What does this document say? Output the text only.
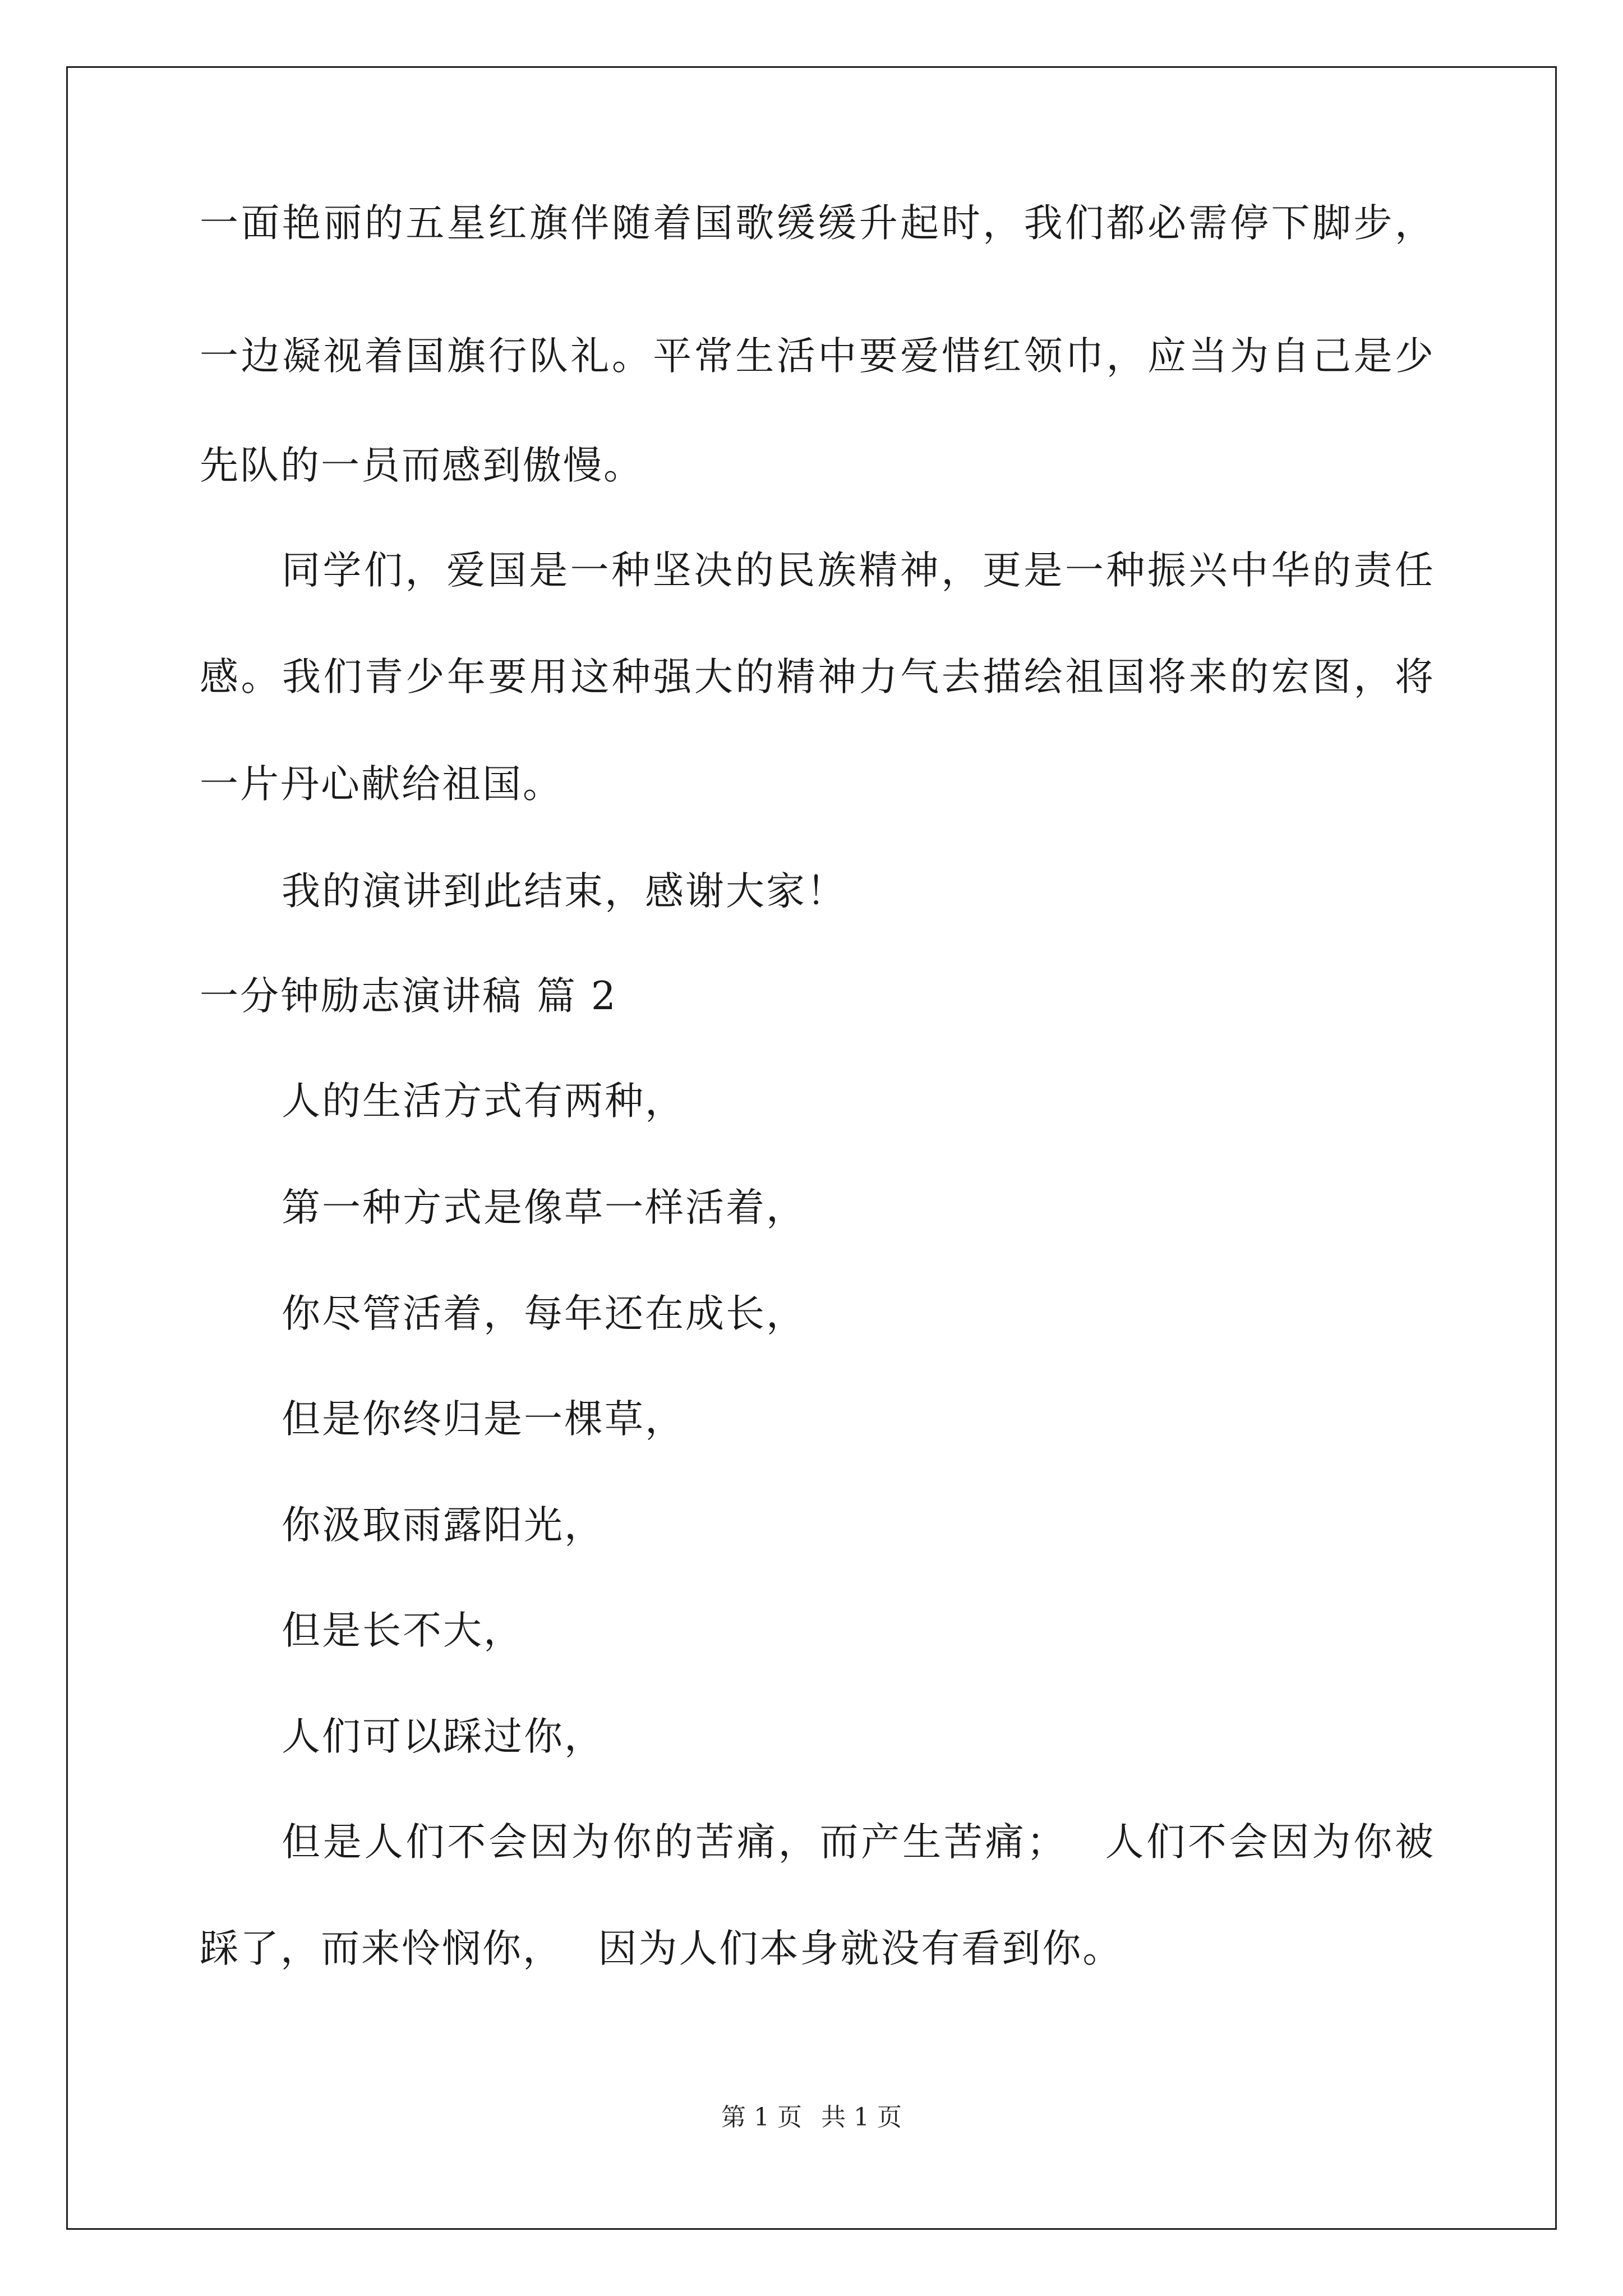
一面艳丽的五星红旗伴随着国歌缓缓升起时，我们都必需停下脚步，
一边凝视着国旗行队礼。平常生活中要爱惜红领巾，应当为自己是少
先队的一员而感到傲慢。
同学们，爱国是一种坚决的民族精神，更是一种振兴中华的责任
感。我们青少年要用这种强大的精神力气去描绘祖国将来的宏图，将
一片丹心献给祖国。
我的演讲到此结束，感谢大家！
一分钟励志演讲稿 篇 2
人的生活方式有两种，
第一种方式是像草一样活着，
你尽管活着，每年还在成长，
但是你终归是一棵草，
你汲取雨露阳光，
但是长不大，
人们可以踩过你，
但是人们不会因为你的苦痛，而产生苦痛；　 人们不会因为你被
踩了，而来怜悯你，　 因为人们本身就没有看到你。
第 1 页 共 1 页
